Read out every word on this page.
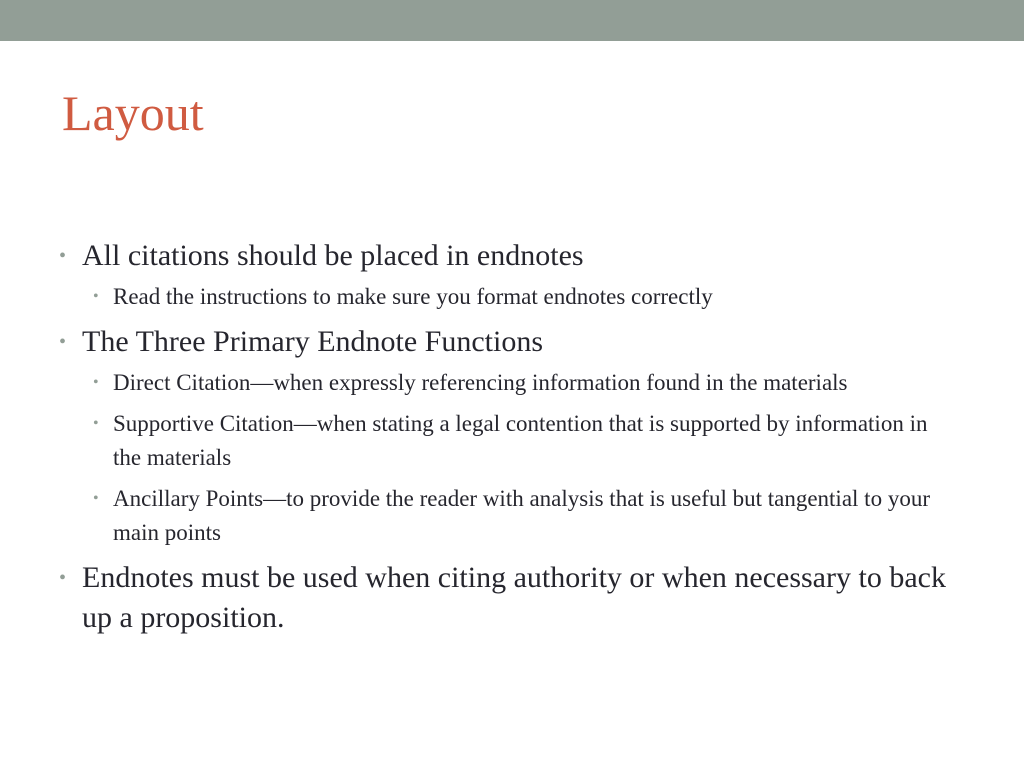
Layout
• All citations should be placed in endnotes
• Read the instructions to make sure you format endnotes correctly
• The Three Primary Endnote Functions
• Direct Citation—when expressly referencing information found in the materials
• Supportive Citation—when stating a legal contention that is supported by information in the materials
• Ancillary Points—to provide the reader with analysis that is useful but tangential to your main points
• Endnotes must be used when citing authority or when necessary to back up a proposition.
